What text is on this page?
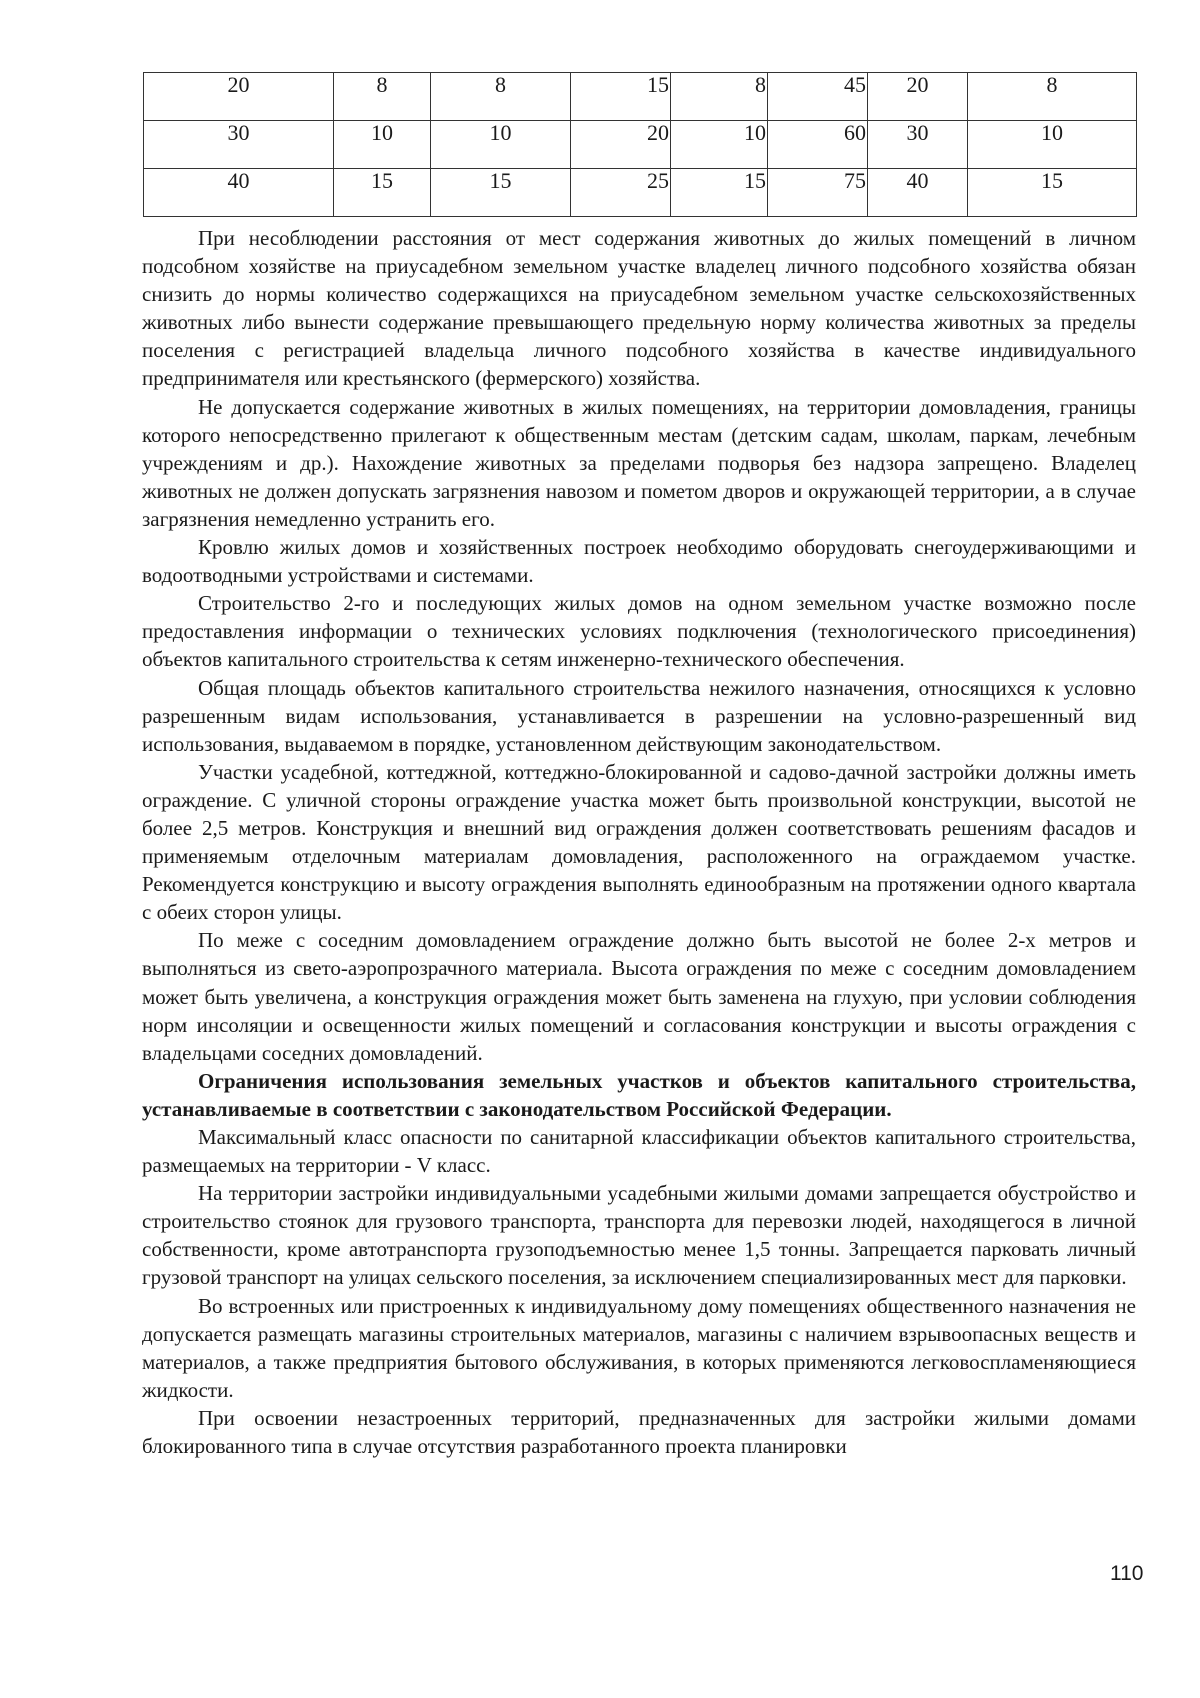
20	8	8	15	8	45	20	8
30	10	10	20	10	60	30	10
40	15	15	25	15	75	40	15

При несоблюдении расстояния от мест содержания животных до жилых помещений в личном подсобном хозяйстве на приусадебном земельном участке владелец личного подсобного хозяйства обязан снизить до нормы количество содержащихся на приусадебном земельном участке сельскохозяйственных животных либо вынести содержание превышающего предельную норму количества животных за пределы поселения с регистрацией владельца личного подсобного хозяйства в качестве индивидуального предпринимателя или крестьянского (фермерского) хозяйства.

Не допускается содержание животных в жилых помещениях, на территории домовладения, границы которого непосредственно прилегают к общественным местам (детским садам, школам, паркам, лечебным учреждениям и др.). Нахождение животных за пределами подворья без надзора запрещено. Владелец животных не должен допускать загрязнения навозом и пометом дворов и окружающей территории, а в случае загрязнения немедленно устранить его.

Кровлю жилых домов и хозяйственных построек необходимо оборудовать снегоудерживающими и водоотводными устройствами и системами.

Строительство 2-го и последующих жилых домов на одном земельном участке возможно после предоставления информации о технических условиях подключения (технологического присоединения) объектов капитального строительства к сетям инженерно-технического обеспечения.

Общая площадь объектов капитального строительства нежилого назначения, относящихся к условно разрешенным видам использования, устанавливается в разрешении на условно-разрешенный вид использования, выдаваемом в порядке, установленном действующим законодательством.

Участки усадебной, коттеджной, коттеджно-блокированной и садово-дачной застройки должны иметь ограждение. С уличной стороны ограждение участка может быть произвольной конструкции, высотой не более 2,5 метров. Конструкция и внешний вид ограждения должен соответствовать решениям фасадов и применяемым отделочным материалам домовладения, расположенного на ограждаемом участке. Рекомендуется конструкцию и высоту ограждения выполнять единообразным на протяжении одного квартала с обеих сторон улицы.

По меже с соседним домовладением ограждение должно быть высотой не более 2-х метров и выполняться из свето-аэропрозрачного материала. Высота ограждения по меже с соседним домовладением может быть увеличена, а конструкция ограждения может быть заменена на глухую, при условии соблюдения норм инсоляции и освещенности жилых помещений и согласования конструкции и высоты ограждения с владельцами соседних домовладений.

Ограничения использования земельных участков и объектов капитального строительства, устанавливаемые в соответствии с законодательством Российской Федерации.

Максимальный класс опасности по санитарной классификации объектов капитального строительства, размещаемых на территории - V класс.

На территории застройки индивидуальными усадебными жилыми домами запрещается обустройство и строительство стоянок для грузового транспорта, транспорта для перевозки людей, находящегося в личной собственности, кроме автотранспорта грузоподъемностью менее 1,5 тонны. Запрещается парковать личный грузовой транспорт на улицах сельского поселения, за исключением специализированных мест для парковки.

Во встроенных или пристроенных к индивидуальному дому помещениях общественного назначения не допускается размещать магазины строительных материалов, магазины с наличием взрывоопасных веществ и материалов, а также предприятия бытового обслуживания, в которых применяются легковоспламеняющиеся жидкости.

При освоении незастроенных территорий, предназначенных для застройки жилыми домами блокированного типа в случае отсутствия разработанного проекта планировки

110
